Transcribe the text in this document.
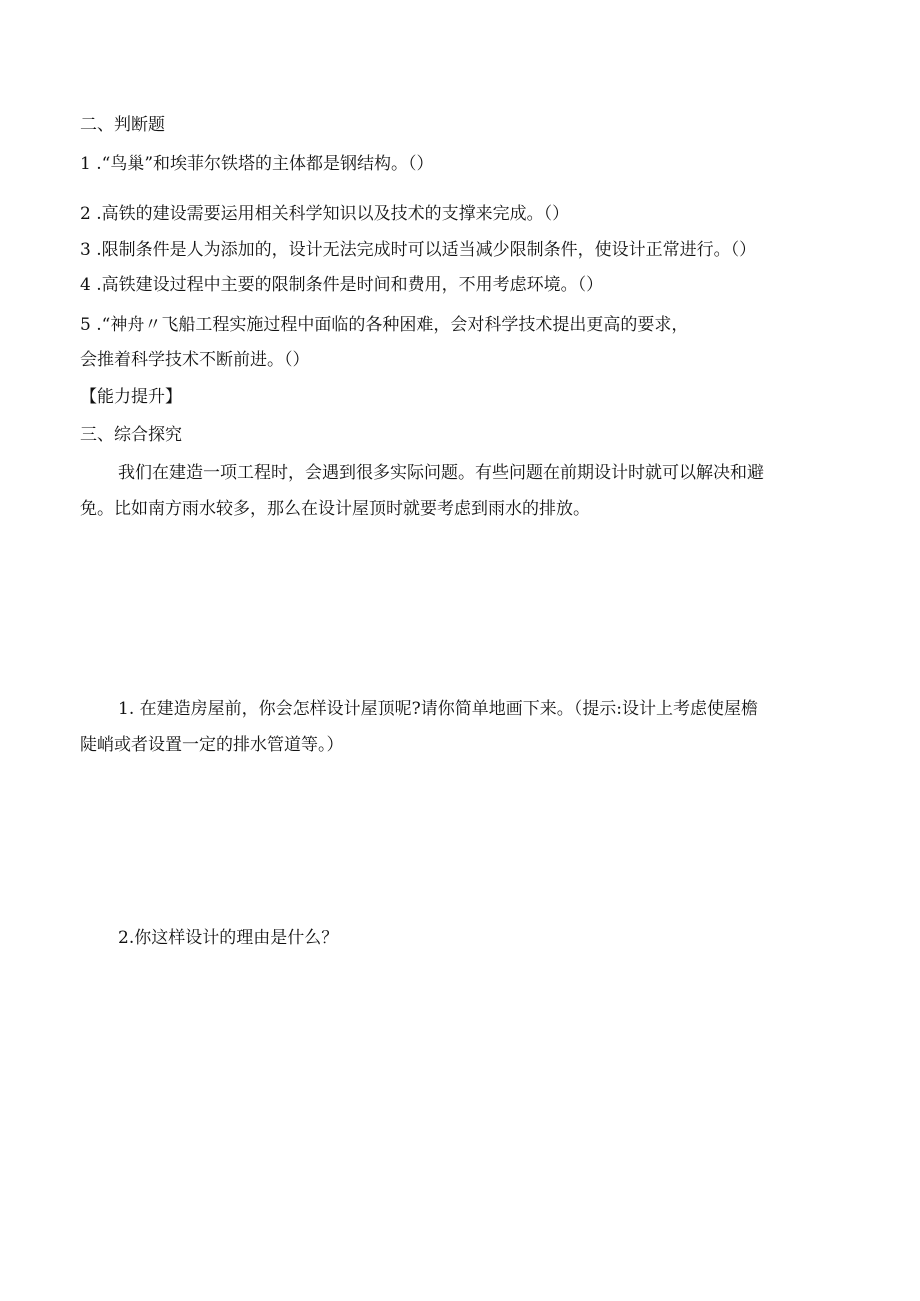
二、判断题
1 .“鸟巢”和埃菲尔铁塔的主体都是钢结构。（）
2 .高铁的建设需要运用相关科学知识以及技术的支撑来完成。（）
3 .限制条件是人为添加的，设计无法完成时可以适当减少限制条件，使设计正常进行。（）
4 .高铁建设过程中主要的限制条件是时间和费用，不用考虑环境。（）
5 .“神舟〃飞船工程实施过程中面临的各种困难，会对科学技术提出更高的要求，
会推着科学技术不断前进。（）
【能力提升】
三、综合探究
我们在建造一项工程时，会遇到很多实际问题。有些问题在前期设计时就可以解决和避
免。比如南方雨水较多，那么在设计屋顶时就要考虑到雨水的排放。
1. 在建造房屋前，你会怎样设计屋顶呢?请你简单地画下来。（提示:设计上考虑使屋檐
陡峭或者设置一定的排水管道等。）
2.你这样设计的理由是什么？
